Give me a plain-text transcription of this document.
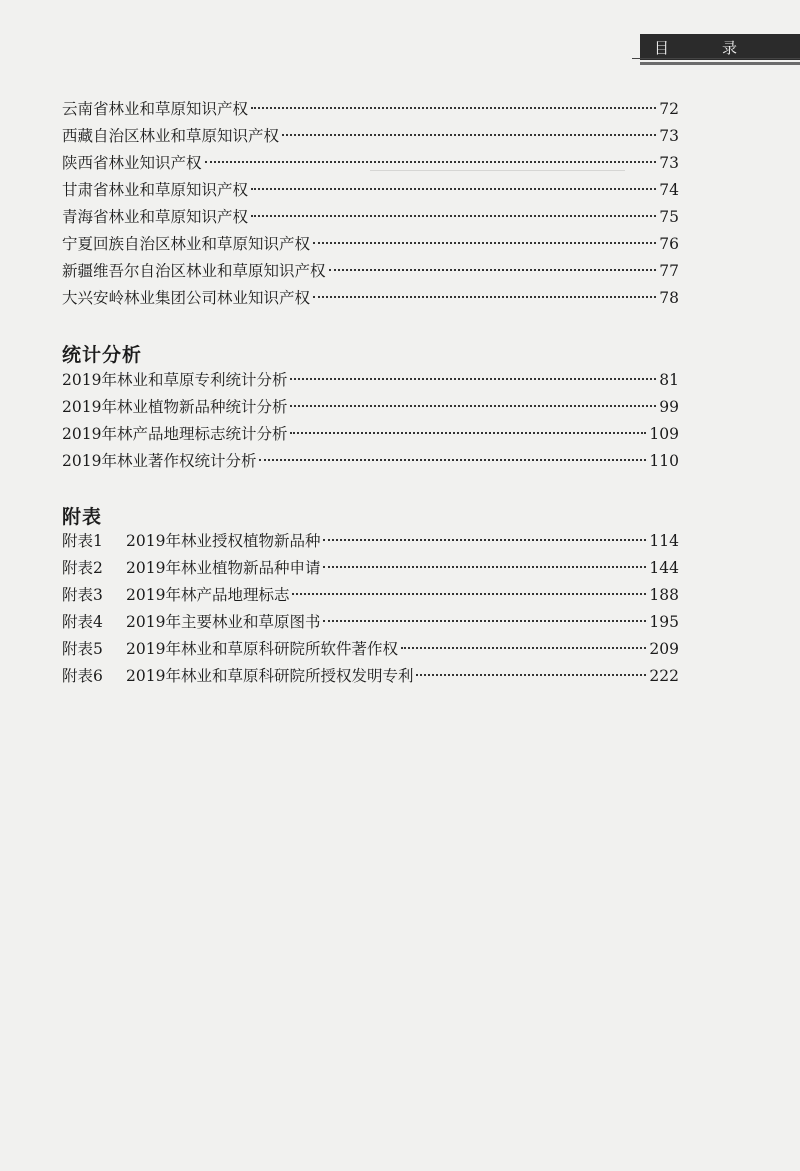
目	录
云南省林业和草原知识产权	72
西藏自治区林业和草原知识产权	73
陕西省林业知识产权	73
甘肃省林业和草原知识产权	74
青海省林业和草原知识产权	75
宁夏回族自治区林业和草原知识产权	76
新疆维吾尔自治区林业和草原知识产权	77
大兴安岭林业集团公司林业知识产权	78
统计分析
2019年林业和草原专利统计分析	81
2019年林业植物新品种统计分析	99
2019年林产品地理标志统计分析	109
2019年林业著作权统计分析	110
附表
附表1 2019年林业授权植物新品种	114
附表2 2019年林业植物新品种申请	144
附表3 2019年林产品地理标志	188
附表4 2019年主要林业和草原图书	195
附表5 2019年林业和草原科研院所软件著作权	209
附表6 2019年林业和草原科研院所授权发明专利	222
